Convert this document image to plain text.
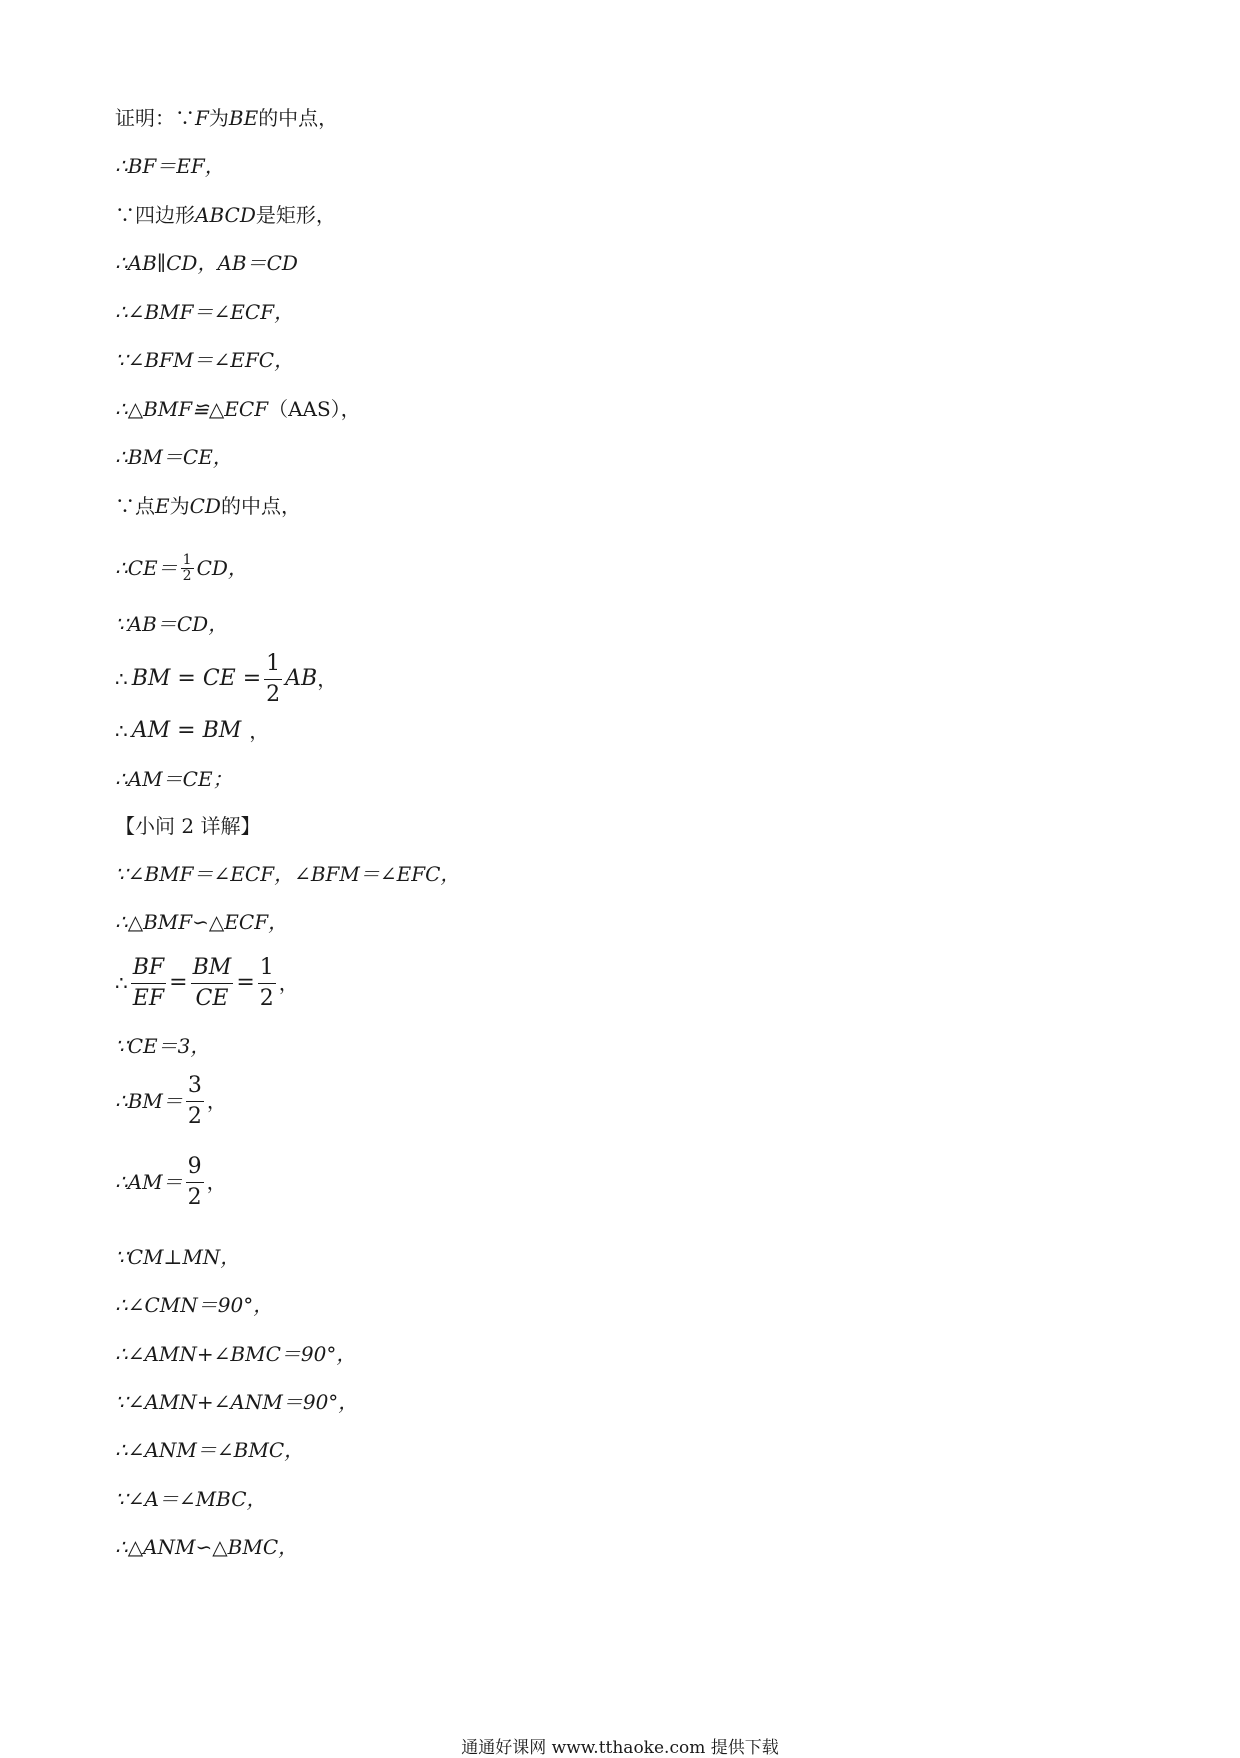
证明：∵ F 为 BE 的中点，
∴BF＝EF，
∵四边形 ABCD 是矩形，
∴AB∥CD，AB＝CD
∴∠BMF＝∠ECF，
∵∠BFM＝∠EFC，
∴△BMF≌△ECF （AAS），
∴BM＝CE，
∵点 E 为 CD 的中点，
∴CE＝ $\frac{1}{2}$ CD，
∵AB＝CD，
∴ BM = CE = $\frac{1}{2}$ AB ，
∴ AM = BM ，
∴AM＝CE；
【小问 2 详解】
∵∠BMF＝∠ECF，∠BFM＝∠EFC，
∴△BMF∽△ECF，
∴ $\frac{BF}{EF} = \frac{BM}{CE} = \frac{1}{2}$ ，
∵CE＝3，
∴BM＝ $\frac{3}{2}$ ，
∴AM＝ $\frac{9}{2}$ ，
∵CM⊥MN，
∴∠CMN＝90°，
∴∠AMN+∠BMC＝90°，
∵∠AMN+∠ANM＝90°，
∴∠ANM＝∠BMC，
∵∠A＝∠MBC，
∴△ANM∽△BMC，
通通好课网 www.tthaoke.com 提供下载
